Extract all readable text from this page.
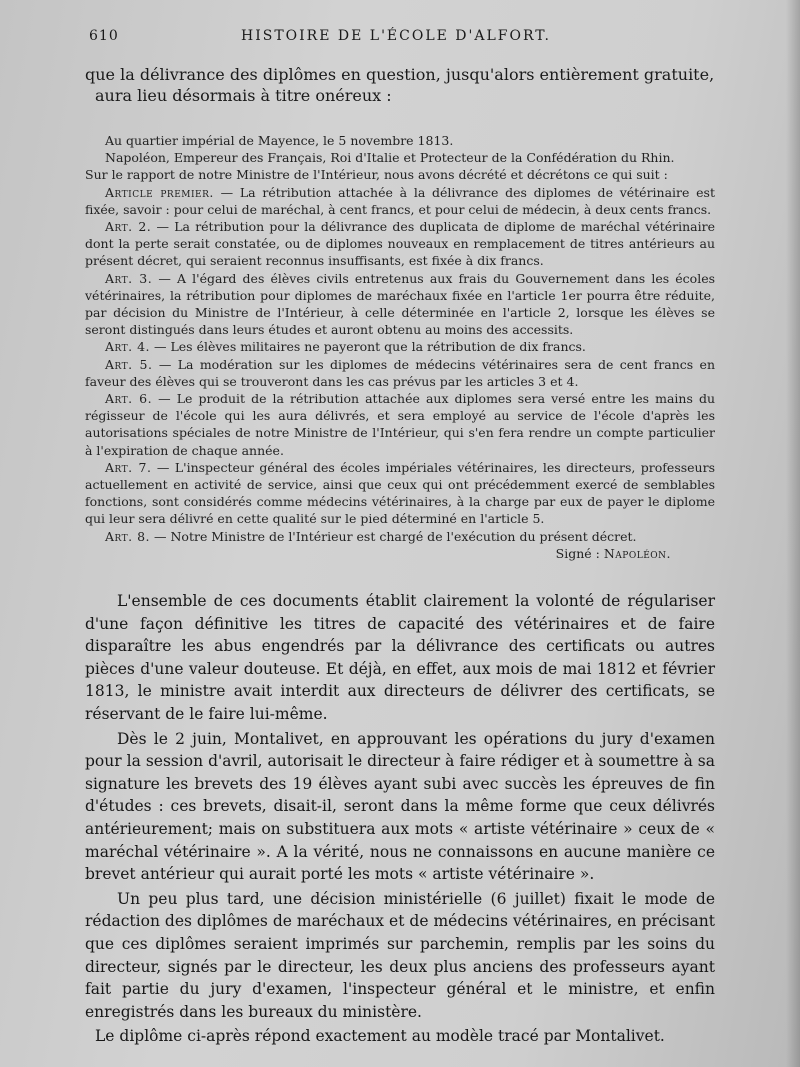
610	HISTOIRE DE L'ÉCOLE D'ALFORT.

que la délivrance des diplômes en question, jusqu'alors entièrement gratuite,
aura lieu désormais à titre onéreux :

Au quartier impérial de Mayence, le 5 novembre 1813.

Napoléon, Empereur des Français, Roi d'Italie et Protecteur de la Confédération du Rhin.

Sur le rapport de notre Ministre de l'Intérieur, nous avons décrété et décrétons ce qui suit :

Article premier. — La rétribution attachée à la délivrance des diplomes de vétérinaire est fixée, savoir : pour celui de maréchal, à cent francs, et pour celui de médecin, à deux cents francs.

Art. 2. — La rétribution pour la délivrance des duplicata de diplome de maréchal vétérinaire dont la perte serait constatée, ou de diplomes nouveaux en remplacement de titres antérieurs au présent décret, qui seraient reconnus insuffisants, est fixée à dix francs.

Art. 3. — A l'égard des élèves civils entretenus aux frais du Gouvernement dans les écoles vétérinaires, la rétribution pour diplomes de maréchaux fixée en l'article 1er pourra être réduite, par décision du Ministre de l'Intérieur, à celle déterminée en l'article 2, lorsque les élèves se seront distingués dans leurs études et auront obtenu au moins des accessits.

Art. 4. — Les élèves militaires ne payeront que la rétribution de dix francs.

Art. 5. — La modération sur les diplomes de médecins vétérinaires sera de cent francs en faveur des élèves qui se trouveront dans les cas prévus par les articles 3 et 4.

Art. 6. — Le produit de la rétribution attachée aux diplomes sera versé entre les mains du régisseur de l'école qui les aura délivrés, et sera employé au service de l'école d'après les autorisations spéciales de notre Ministre de l'Intérieur, qui s'en fera rendre un compte particulier à l'expiration de chaque année.

Art. 7. — L'inspecteur général des écoles impériales vétérinaires, les directeurs, professeurs actuellement en activité de service, ainsi que ceux qui ont précédemment exercé de semblables fonctions, sont considérés comme médecins vétérinaires, à la charge par eux de payer le diplome qui leur sera délivré en cette qualité sur le pied déterminé en l'article 5.

Art. 8. — Notre Ministre de l'Intérieur est chargé de l'exécution du présent décret.

Signé : Napoléon.

L'ensemble de ces documents établit clairement la volonté de régulariser d'une façon définitive les titres de capacité des vétérinaires et de faire disparaître les abus engendrés par la délivrance des certificats ou autres pièces d'une valeur douteuse. Et déjà, en effet, aux mois de mai 1812 et février 1813, le ministre avait interdit aux directeurs de délivrer des certificats, se réservant de le faire lui-même.

Dès le 2 juin, Montalivet, en approuvant les opérations du jury d'examen pour la session d'avril, autorisait le directeur à faire rédiger et à soumettre à sa signature les brevets des 19 élèves ayant subi avec succès les épreuves de fin d'études : ces brevets, disait-il, seront dans la même forme que ceux délivrés antérieurement; mais on substituera aux mots « artiste vétérinaire » ceux de « maréchal vétérinaire ». A la vérité, nous ne connaissons en aucune manière ce brevet antérieur qui aurait porté les mots « artiste vétérinaire ».

Un peu plus tard, une décision ministérielle (6 juillet) fixait le mode de rédaction des diplômes de maréchaux et de médecins vétérinaires, en précisant que ces diplômes seraient imprimés sur parchemin, remplis par les soins du directeur, signés par le directeur, les deux plus anciens des professeurs ayant fait partie du jury d'examen, l'inspecteur général et le ministre, et enfin enregistrés dans les bureaux du ministère.

Le diplôme ci-après répond exactement au modèle tracé par Montalivet.
